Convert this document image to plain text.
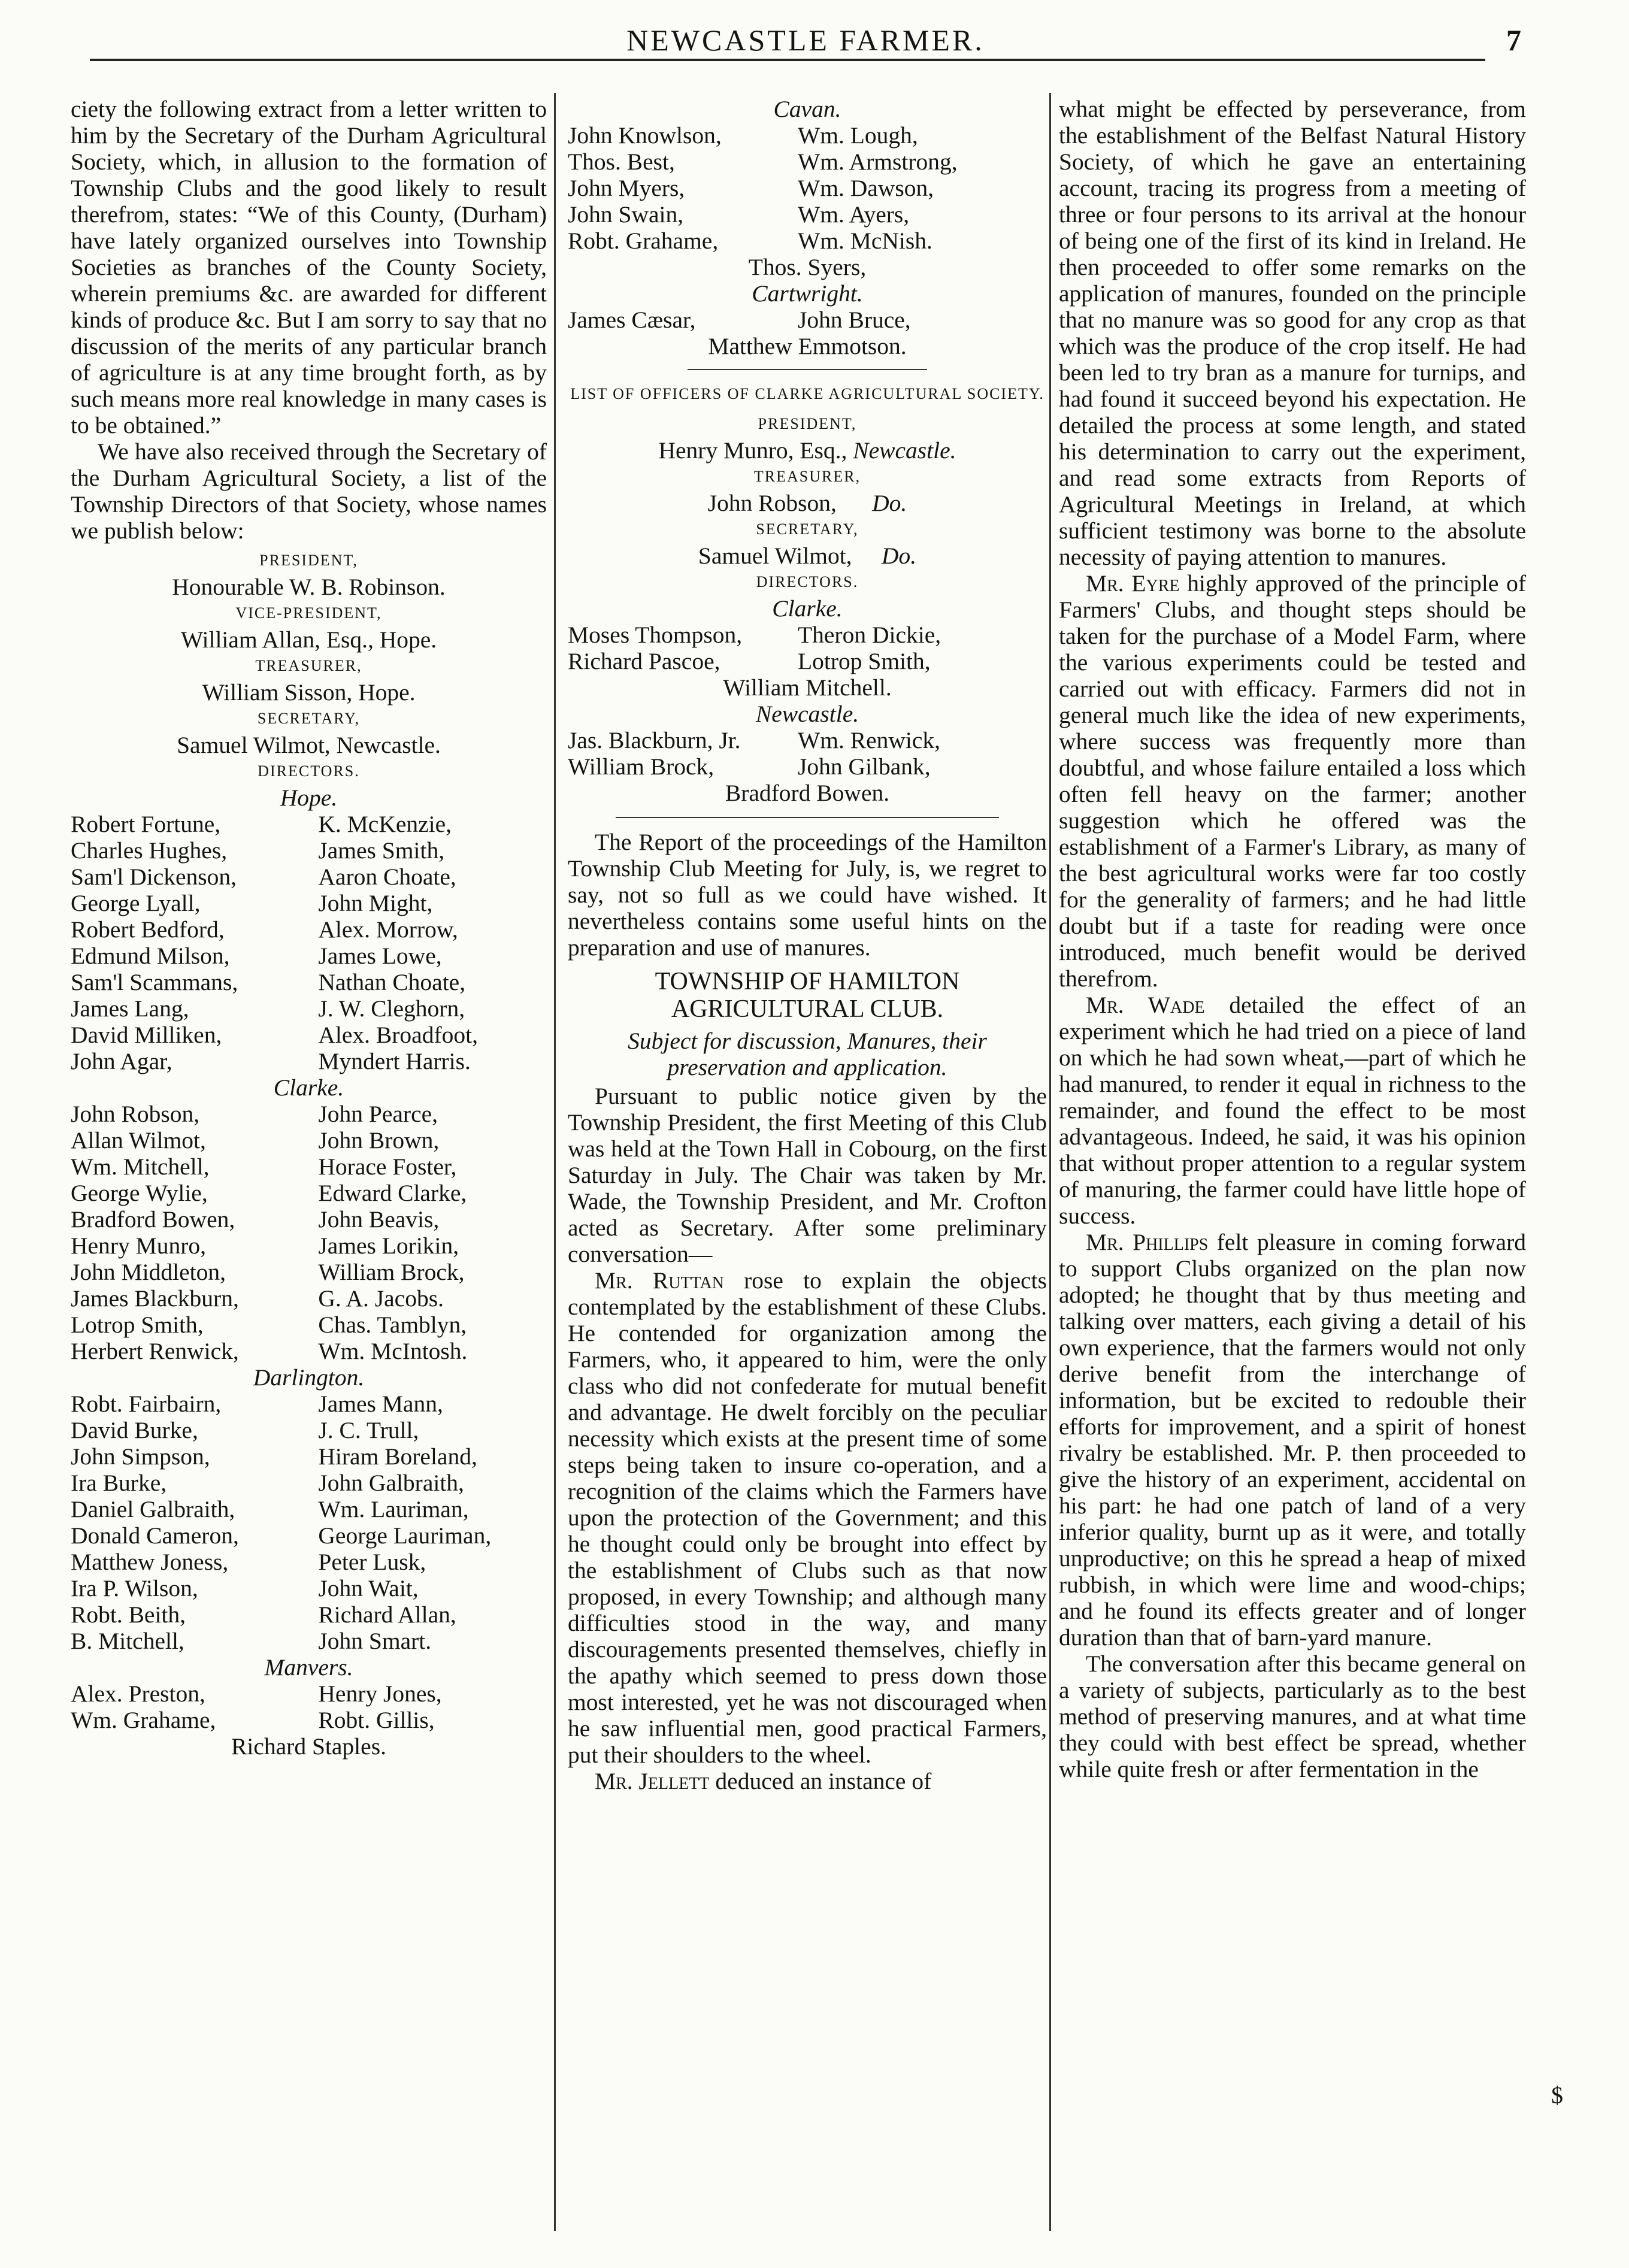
NEWCASTLE FARMER.	7

ciety the following extract from a letter written to him by the Secretary of the Durham Agricultural Society, which, in allusion to the formation of Township Clubs and the good likely to result therefrom, states: “We of this County, (Durham) have lately organized ourselves into Township Societies as branches of the County Society, wherein premiums &c. are awarded for different kinds of produce &c. But I am sorry to say that no discussion of the merits of any particular branch of agriculture is at any time brought forth, as by such means more real knowledge in many cases is to be obtained.”

We have also received through the Secretary of the Durham Agricultural Society, a list of the Township Directors of that Society, whose names we publish below:

PRESIDENT,
Honourable W. B. Robinson.
VICE-PRESIDENT,
William Allan, Esq., Hope.
TREASURER,
William Sisson, Hope.
SECRETARY,
Samuel Wilmot, Newcastle.
DIRECTORS.
Hope.
Robert Fortune,	K. McKenzie,
Charles Hughes,	James Smith,
Sam'l Dickenson,	Aaron Choate,
George Lyall,	John Might,
Robert Bedford,	Alex. Morrow,
Edmund Milson,	James Lowe,
Sam'l Scammans,	Nathan Choate,
James Lang,	J. W. Cleghorn,
David Milliken,	Alex. Broadfoot,
John Agar,	Myndert Harris.
Clarke.
John Robson,	John Pearce,
Allan Wilmot,	John Brown,
Wm. Mitchell,	Horace Foster,
George Wylie,	Edward Clarke,
Bradford Bowen,	John Beavis,
Henry Munro,	James Lorikin,
John Middleton,	William Brock,
James Blackburn,	G. A. Jacobs.
Lotrop Smith,	Chas. Tamblyn,
Herbert Renwick,	Wm. McIntosh.
Darlington.
Robt. Fairbairn,	James Mann,
David Burke,	J. C. Trull,
John Simpson,	Hiram Boreland,
Ira Burke,	John Galbraith,
Daniel Galbraith,	Wm. Lauriman,
Donald Cameron,	George Lauriman,
Matthew Joness,	Peter Lusk,
Ira P. Wilson,	John Wait,
Robt. Beith,	Richard Allan,
B. Mitchell,	John Smart.
Manvers.
Alex. Preston,	Henry Jones,
Wm. Grahame,	Robt. Gillis,
Richard Staples.
Cavan.
John Knowlson,	Wm. Lough,
Thos. Best,	Wm. Armstrong,
John Myers,	Wm. Dawson,
John Swain,	Wm. Ayers,
Robt. Grahame,	Wm. McNish.
Thos. Syers,
Cartwright.
James Cæsar,	John Bruce,
Matthew Emmotson.
LIST OF OFFICERS OF CLARKE AGRICULTURAL SOCIETY.
PRESIDENT,
Henry Munro, Esq., Newcastle.
TREASURER,
John Robson, Do.
SECRETARY,
Samuel Wilmot, Do.
DIRECTORS.
Clarke.
Moses Thompson,	Theron Dickie,
Richard Pascoe,	Lotrop Smith,
William Mitchell.
Newcastle.
Jas. Blackburn, Jr.	Wm. Renwick,
William Brock,	John Gilbank,
Bradford Bowen.

The Report of the proceedings of the Hamilton Township Club Meeting for July, is, we regret to say, not so full as we could have wished. It nevertheless contains some useful hints on the preparation and use of manures.

TOWNSHIP OF HAMILTON AGRICULTURAL CLUB.
Subject for discussion, Manures, their preservation and application.

Pursuant to public notice given by the Township President, the first Meeting of this Club was held at the Town Hall in Cobourg, on the first Saturday in July. The Chair was taken by Mr. Wade, the Township President, and Mr. Crofton acted as Secretary. After some preliminary conversation—

Mr. Ruttan rose to explain the objects contemplated by the establishment of these Clubs. He contended for organization among the Farmers, who, it appeared to him, were the only class who did not confederate for mutual benefit and advantage. He dwelt forcibly on the peculiar necessity which exists at the present time of some steps being taken to insure co-operation, and a recognition of the claims which the Farmers have upon the protection of the Government; and this he thought could only be brought into effect by the establishment of Clubs such as that now proposed, in every Township; and although many difficulties stood in the way, and many discouragements presented themselves, chiefly in the apathy which seemed to press down those most interested, yet he was not discouraged when he saw influential men, good practical Farmers, put their shoulders to the wheel.

Mr. Jellett deduced an instance of

what might be effected by perseverance, from the establishment of the Belfast Natural History Society, of which he gave an entertaining account, tracing its progress from a meeting of three or four persons to its arrival at the honour of being one of the first of its kind in Ireland. He then proceeded to offer some remarks on the application of manures, founded on the principle that no manure was so good for any crop as that which was the produce of the crop itself. He had been led to try bran as a manure for turnips, and had found it succeed beyond his expectation. He detailed the process at some length, and stated his determination to carry out the experiment, and read some extracts from Reports of Agricultural Meetings in Ireland, at which sufficient testimony was borne to the absolute necessity of paying attention to manures.

Mr. Eyre highly approved of the principle of Farmers' Clubs, and thought steps should be taken for the purchase of a Model Farm, where the various experiments could be tested and carried out with efficacy. Farmers did not in general much like the idea of new experiments, where success was frequently more than doubtful, and whose failure entailed a loss which often fell heavy on the farmer; another suggestion which he offered was the establishment of a Farmer's Library, as many of the best agricultural works were far too costly for the generality of farmers; and he had little doubt but if a taste for reading were once introduced, much benefit would be derived therefrom.

Mr. Wade detailed the effect of an experiment which he had tried on a piece of land on which he had sown wheat,—part of which he had manured, to render it equal in richness to the remainder, and found the effect to be most advantageous. Indeed, he said, it was his opinion that without proper attention to a regular system of manuring, the farmer could have little hope of success.

Mr. Phillips felt pleasure in coming forward to support Clubs organized on the plan now adopted; he thought that by thus meeting and talking over matters, each giving a detail of his own experience, that the farmers would not only derive benefit from the interchange of information, but be excited to redouble their efforts for improvement, and a spirit of honest rivalry be established. Mr. P. then proceeded to give the history of an experiment, accidental on his part: he had one patch of land of a very inferior quality, burnt up as it were, and totally unproductive; on this he spread a heap of mixed rubbish, in which were lime and wood-chips; and he found its effects greater and of longer duration than that of barn-yard manure.

The conversation after this became general on a variety of subjects, particularly as to the best method of preserving manures, and at what time they could with best effect be spread, whether while quite fresh or after fermentation in the

$
